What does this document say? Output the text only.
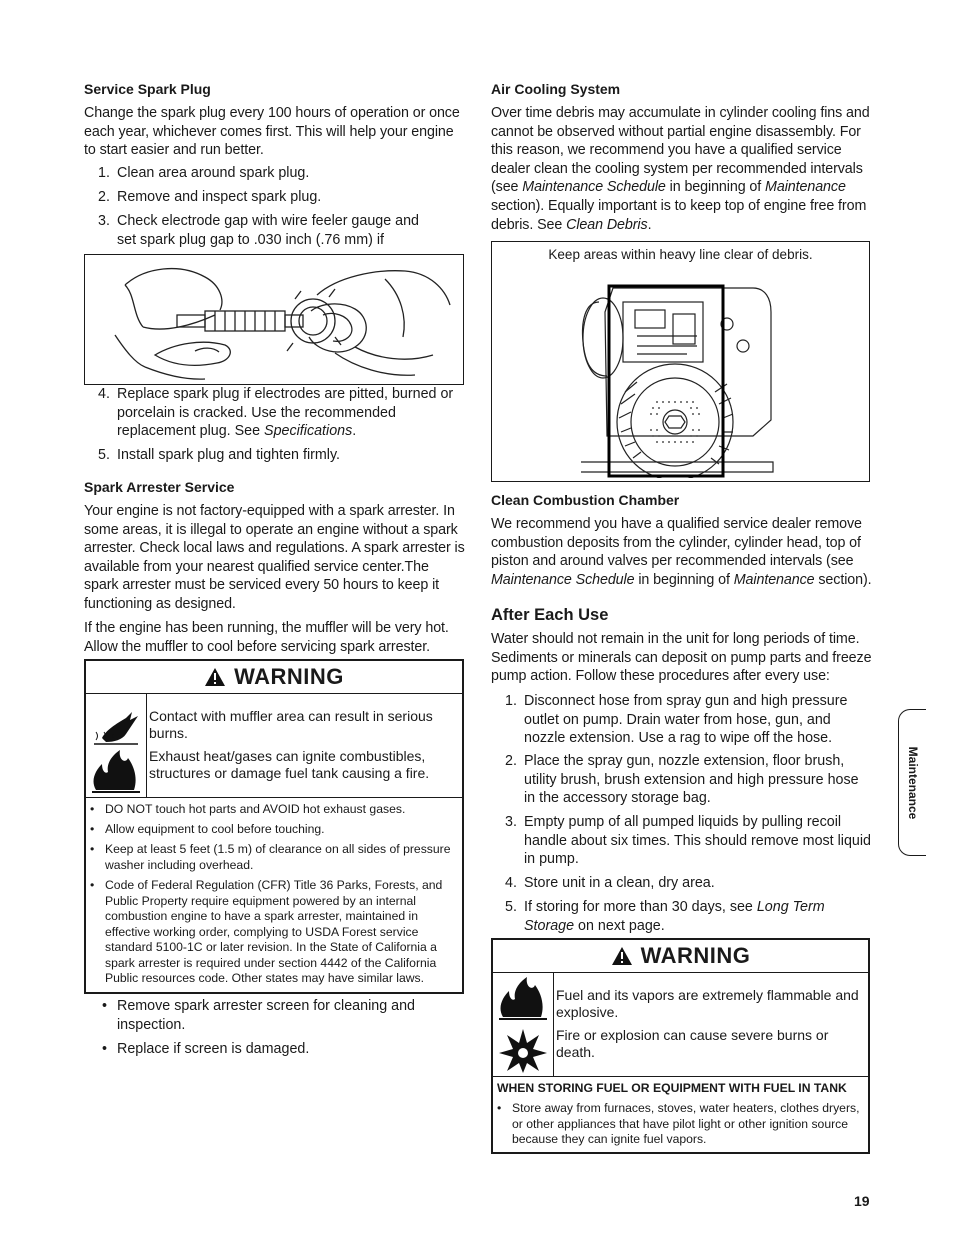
Service Spark Plug
Change the spark plug every 100 hours of operation or once each year, whichever comes first. This will help your engine to start easier and run better.
1. Clean area around spark plug.
2. Remove and inspect spark plug.
3. Check electrode gap with wire feeler gauge and set spark plug gap to .030 inch (.76 mm) if
4. Replace spark plug if electrodes are pitted, burned or porcelain is cracked. Use the recommended replacement plug. See Specifications.
5. Install spark plug and tighten firmly.
Spark Arrester Service
Your engine is not factory-equipped with a spark arrester. In some areas, it is illegal to operate an engine without a spark arrester. Check local laws and regulations. A spark arrester is available from your nearest qualified service center.The spark arrester must be serviced every 50 hours to keep it functioning as designed.
If the engine has been running, the muffler will be very hot. Allow the muffler to cool before servicing spark arrester.
WARNING
Contact with muffler area can result in serious burns.
Exhaust heat/gases can ignite combustibles, structures or damage fuel tank causing a fire.
• DO NOT touch hot parts and AVOID hot exhaust gases.
• Allow equipment to cool before touching.
• Keep at least 5 feet (1.5 m) of clearance on all sides of pressure washer including overhead.
• Code of Federal Regulation (CFR) Title 36 Parks, Forests, and Public Property require equipment powered by an internal combustion engine to have a spark arrester, maintained in effective working order, complying to USDA Forest service standard 5100-1C or later revision. In the State of California a spark arrester is required under section 4442 of the California Public resources code. Other states may have similar laws.
• Remove spark arrester screen for cleaning and inspection.
• Replace if screen is damaged.
Air Cooling System
Over time debris may accumulate in cylinder cooling fins and cannot be observed without partial engine disassembly. For this reason, we recommend you have a qualified service dealer clean the cooling system per recommended intervals (see Maintenance Schedule in beginning of Maintenance section). Equally important is to keep top of engine free from debris. See Clean Debris.
Keep areas within heavy line clear of debris.
Clean Combustion Chamber
We recommend you have a qualified service dealer remove combustion deposits from the cylinder, cylinder head, top of piston and around valves per recommended intervals (see Maintenance Schedule in beginning of Maintenance section).
After Each Use
Water should not remain in the unit for long periods of time. Sediments or minerals can deposit on pump parts and freeze pump action. Follow these procedures after every use:
1. Disconnect hose from spray gun and high pressure outlet on pump. Drain water from hose, gun, and nozzle extension. Use a rag to wipe off the hose.
2. Place the spray gun, nozzle extension, floor brush, utility brush, brush extension and high pressure hose in the accessory storage bag.
3. Empty pump of all pumped liquids by pulling recoil handle about six times. This should remove most liquid in pump.
4. Store unit in a clean, dry area.
5. If storing for more than 30 days, see Long Term Storage on next page.
WARNING
Fuel and its vapors are extremely flammable and explosive.
Fire or explosion can cause severe burns or death.
WHEN STORING FUEL OR EQUIPMENT WITH FUEL IN TANK
• Store away from furnaces, stoves, water heaters, clothes dryers, or other appliances that have pilot light or other ignition source because they can ignite fuel vapors.
Maintenance
19
